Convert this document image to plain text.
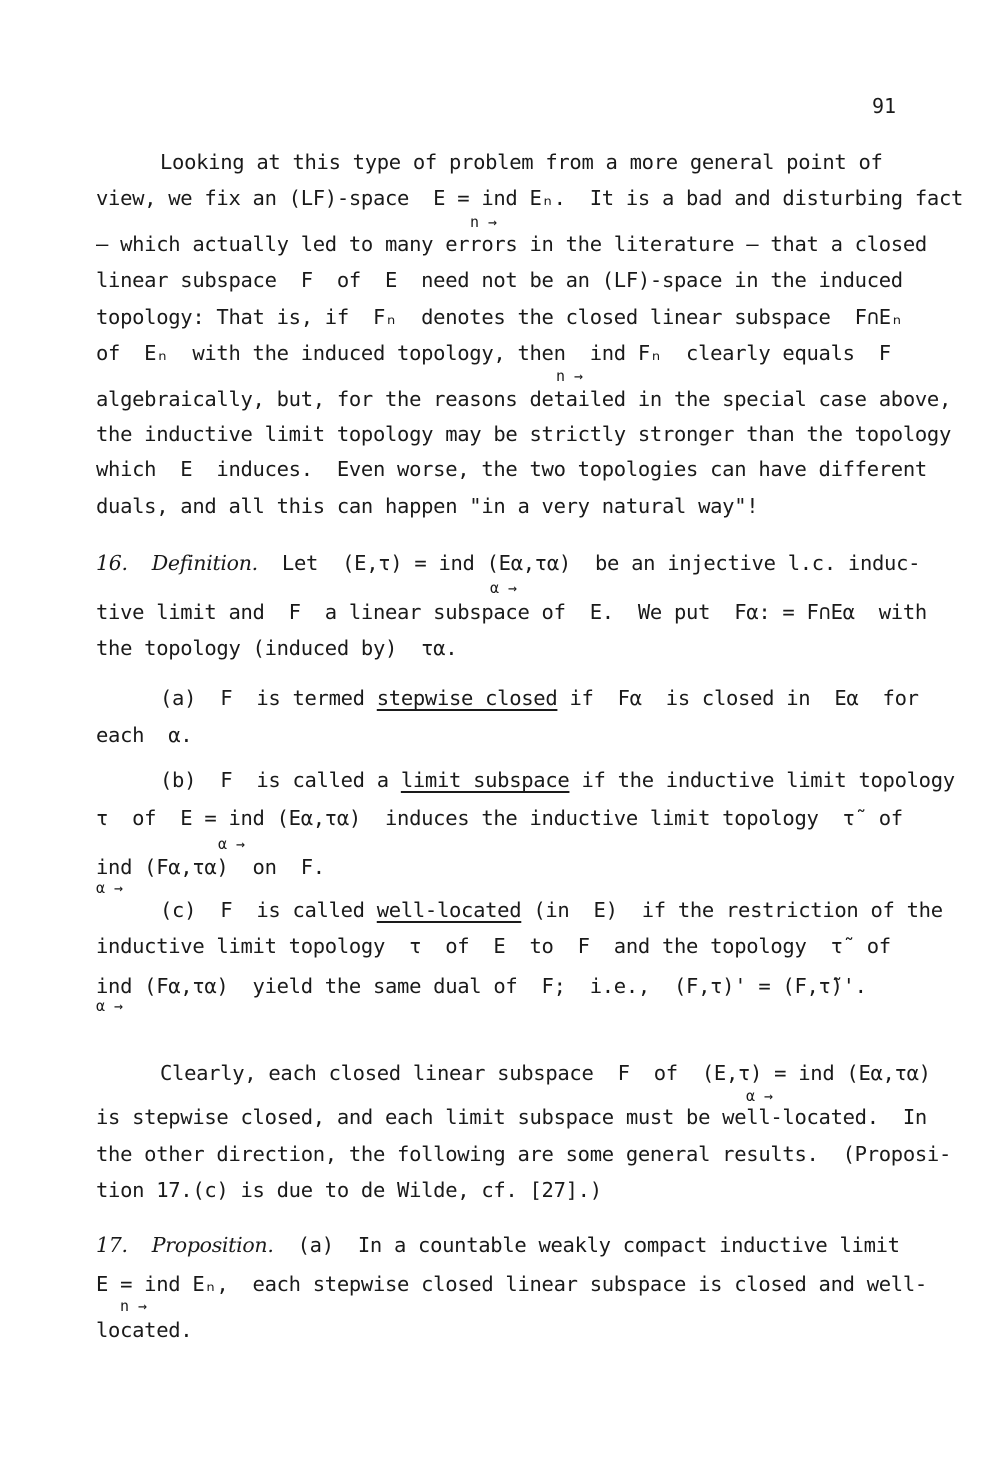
91
Looking at this type of problem from a more general point of
view, we fix an (LF)-space  E = ind Eₙ.  It is a bad and disturbing fact
n →
— which actually led to many errors in the literature — that a closed
linear subspace  F  of  E  need not be an (LF)-space in the induced
topology: That is, if  Fₙ  denotes the closed linear subspace  F∩Eₙ
of  Eₙ  with the induced topology, then  ind Fₙ  clearly equals  F
n →
algebraically, but, for the reasons detailed in the special case above,
the inductive limit topology may be strictly stronger than the topology
which  E  induces.  Even worse, the two topologies can have different
duals, and all this can happen "in a very natural way"!
16. Definition. Let  (E,τ) = ind (Eα,τα)  be an injective l.c. induc-
α →
tive limit and  F  a linear subspace of  E.  We put  Fα: = F∩Eα  with
the topology (induced by)  τα.
(a)  F  is termed stepwise closed if  Fα  is closed in  Eα  for
each  α.
(b)  F  is called a limit subspace if the inductive limit topology
τ  of  E = ind (Eα,τα)  induces the inductive limit topology  τ̃  of
α →
ind (Fα,τα)  on  F.
α →
(c)  F  is called well-located (in  E)  if the restriction of the
inductive limit topology  τ  of  E  to  F  and the topology  τ̃  of
ind (Fα,τα)  yield the same dual of  F;  i.e.,  (F,τ)' = (F,τ̃)'.
α →
Clearly, each closed linear subspace  F  of  (E,τ) = ind (Eα,τα)
α →
is stepwise closed, and each limit subspace must be well-located.  In
the other direction, the following are some general results.  (Proposi-
tion 17.(c) is due to de Wilde, cf. [27].)
17. Proposition. (a)  In a countable weakly compact inductive limit
E = ind Eₙ,  each stepwise closed linear subspace is closed and well-
n →
located.
